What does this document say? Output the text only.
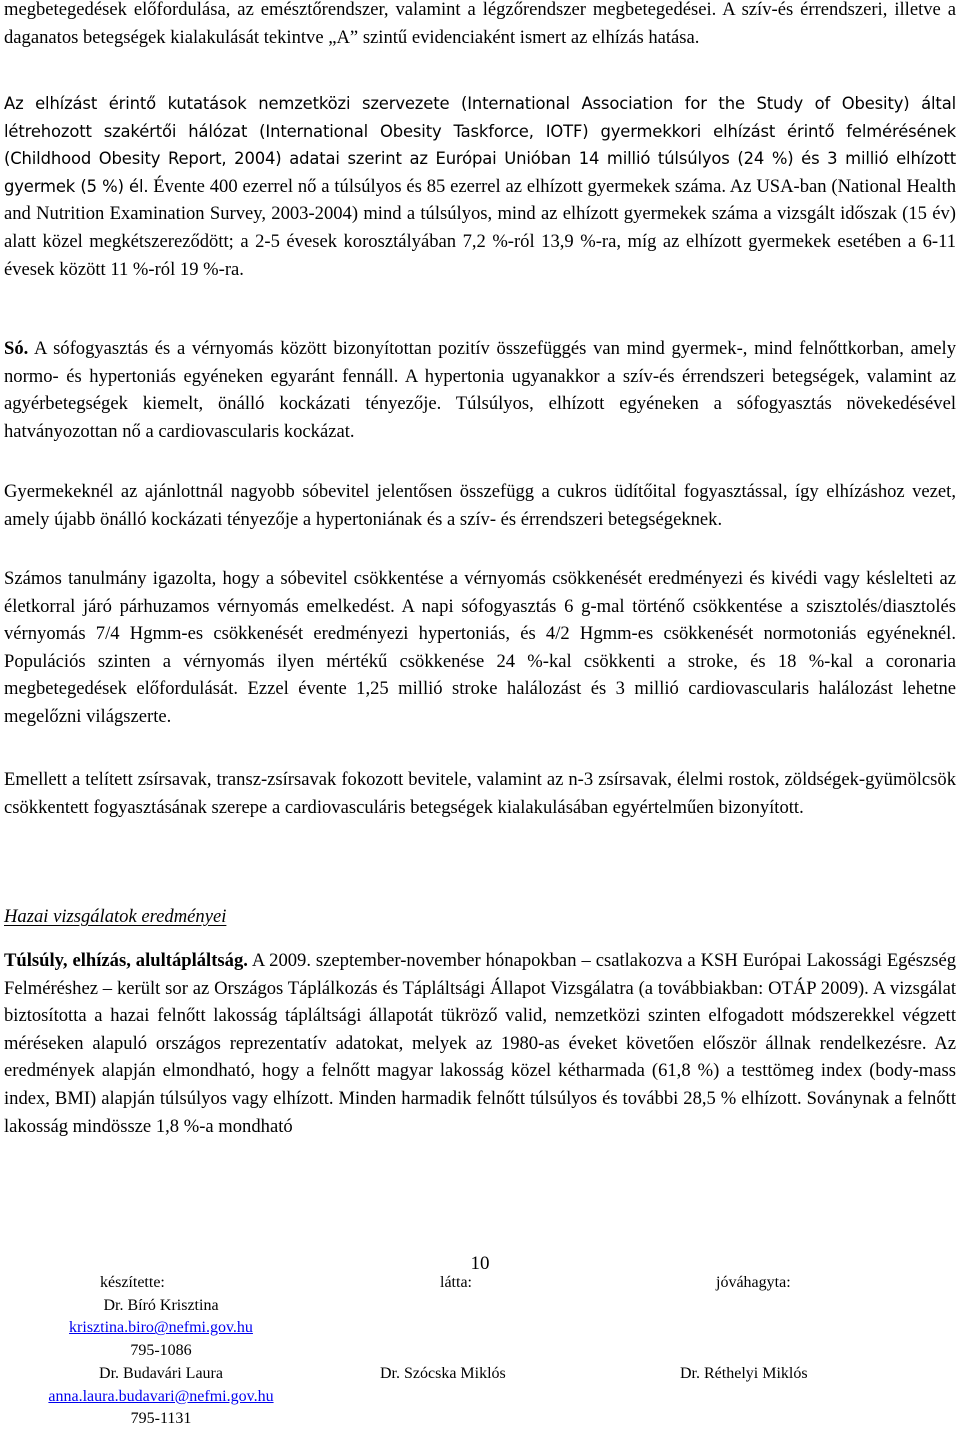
megbetegedések előfordulása, az emésztőrendszer, valamint a légzőrendszer megbetegedései. A szív-és érrendszeri, illetve a daganatos betegségek kialakulását tekintve „A” szintű evidenciaként ismert az elhízás hatása.

Az elhízást érintő kutatások nemzetközi szervezete (International Association for the Study of Obesity) által létrehozott szakértői hálózat (International Obesity Taskforce, IOTF) gyermekkori elhízást érintő felmérésének (Childhood Obesity Report, 2004) adatai szerint az Európai Unióban 14 millió túlsúlyos (24 %) és 3 millió elhízott gyermek (5 %) él. Évente 400 ezerrel nő a túlsúlyos és 85 ezerrel az elhízott gyermekek száma. Az USA-ban (National Health and Nutrition Examination Survey, 2003-2004) mind a túlsúlyos, mind az elhízott gyermekek száma a vizsgált időszak (15 év) alatt közel megkétszereződött; a 2-5 évesek korosztályában 7,2 %-ról 13,9 %-ra, míg az elhízott gyermekek esetében a 6-11 évesek között 11 %-ról 19 %-ra.

Só. A sófogyasztás és a vérnyomás között bizonyítottan pozitív összefüggés van mind gyermek-, mind felnőttkorban, amely normo- és hypertoniás egyéneken egyaránt fennáll. A hypertonia ugyanakkor a szív-és érrendszeri betegségek, valamint az agyérbetegségek kiemelt, önálló kockázati tényezője. Túlsúlyos, elhízott egyéneken a sófogyasztás növekedésével hatványozottan nő a cardiovascularis kockázat.

Gyermekeknél az ajánlottnál nagyobb sóbevitel jelentősen összefügg a cukros üdítőital fogyasztással, így elhízáshoz vezet, amely újabb önálló kockázati tényezője a hypertoniának és a szív- és érrendszeri betegségeknek.

Számos tanulmány igazolta, hogy a sóbevitel csökkentése a vérnyomás csökkenését eredményezi és kivédi vagy késlelteti az életkorral járó párhuzamos vérnyomás emelkedést. A napi sófogyasztás 6 g-mal történő csökkentése a szisztolés/diasztolés vérnyomás 7/4 Hgmm-es csökkenését eredményezi hypertoniás, és 4/2 Hgmm-es csökkenését normotoniás egyéneknél. Populációs szinten a vérnyomás ilyen mértékű csökkenése 24 %-kal csökkenti a stroke, és 18 %-kal a coronaria megbetegedések előfordulását. Ezzel évente 1,25 millió stroke halálozást és 3 millió cardiovascularis halálozást lehetne megelőzni világszerte.

Emellett a telített zsírsavak, transz-zsírsavak fokozott bevitele, valamint az n-3 zsírsavak, élelmi rostok, zöldségek-gyümölcsök csökkentett fogyasztásának szerepe a cardiovasculáris betegségek kialakulásában egyértelműen bizonyított.

Hazai vizsgálatok eredményei

Túlsúly, elhízás, alultápláltság. A 2009. szeptember-november hónapokban – csatlakozva a KSH Európai Lakossági Egészség Felméréshez – került sor az Országos Táplálkozás és Tápláltsági Állapot Vizsgálatra (a továbbiakban: OTÁP 2009). A vizsgálat biztosította a hazai felnőtt lakosság tápláltsági állapotát tükröző valid, nemzetközi szinten elfogadott módszerekkel végzett méréseken alapuló országos reprezentatív adatokat, melyek az 1980-as éveket követően először állnak rendelkezésre. Az eredmények alapján elmondható, hogy a felnőtt magyar lakosság közel kétharmada (61,8 %) a testtömeg index (body-mass index, BMI) alapján túlsúlyos vagy elhízott. Minden harmadik felnőtt túlsúlyos és további 28,5 % elhízott. Soványnak a felnőtt lakosság mindössze 1,8 %-a mondható

10
készítette:
Dr. Bíró Krisztina
krisztina.biro@nefmi.gov.hu
795-1086
Dr. Budavári Laura
anna.laura.budavari@nefmi.gov.hu
795-1131
látta:
Dr. Szócska Miklós
jóváhagyta:
Dr. Réthelyi Miklós
